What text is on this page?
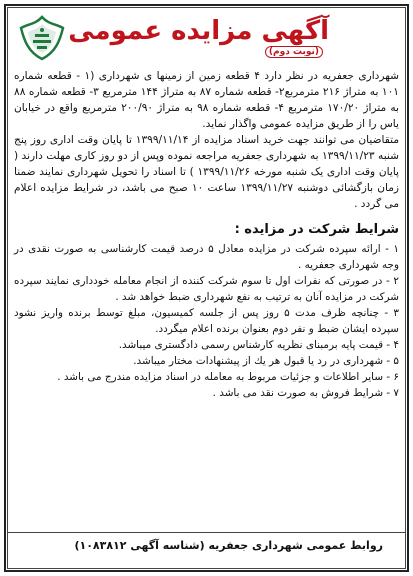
آگهی مزایده عمومی
(نوبت دوم)

شهرداری جعفریه در نظر دارد ۴ قطعه زمین از زمینها ی شهرداری (۱ - قطعه شماره ۱۰۱ به متراژ ۲۱۶ مترمربع۲- قطعه شماره ۸۷ به متراژ ۱۴۴ مترمربع ۳- قطعه شماره ۸۸ به متراژ ۱۷۰/۲۰ مترمربع ۴- قطعه شماره ۹۸ به متراژ ۲۰۰/۹۰ مترمربع واقع در خیابان یاس را از طریق مزایده عمومی واگذار نماید.

متقاضیان می توانند جهت خرید اسناد مزایده از ۱۳۹۹/۱۱/۱۴ تا پایان وقت اداری روز پنج شنبه ۱۳۹۹/۱۱/۲۳ به شهرداری جعفریه مراجعه نموده وپس از دو روز کاری مهلت دارند ( پایان وقت اداری یک شنبه مورخه ۱۳۹۹/۱۱/۲۶ ) تا اسناد را تحویل شهرداری نمایند ضمنا زمان بازگشائی دوشنبه ۱۳۹۹/۱۱/۲۷ ساعت ۱۰ صبح می باشد، در شرایط مزایده اعلام می گردد .

شرایط شرکت در مزایده :

۱ - ارائه سپرده شرکت در مزایده معادل ۵ درصد قیمت کارشناسی به صورت نقدی در وجه شهرداری جعفریه .

۲ - در صورتی که نفرات اول تا سوم شرکت کننده از انجام معامله خودداری نمایند سپرده شرکت در مزایده آنان به ترتیب به نفع شهرداری ضبط خواهد شد .

۳ - چنانچه ظرف مدت ۵ روز پس از جلسه کمیسیون، مبلغ توسط برنده واریز نشود سپرده ایشان ضبط و نفر دوم بعنوان برنده اعلام میگردد.

۴ - قیمت پایه برمبنای نظریه کارشناس رسمی دادگستری میباشد.

۵ - شهرداری در رد یا قبول هر یك از پیشنهادات مختار میباشد.

۶ - سایر اطلاعات و جزئیات مربوط به معامله در اسناد مزایده مندرج می باشد .

۷ - شرایط فروش به صورت نقد می باشد .

روابط عمومی شهرداری جعفریه (شناسه آگهی ۱۰۸۳۸۱۲)
